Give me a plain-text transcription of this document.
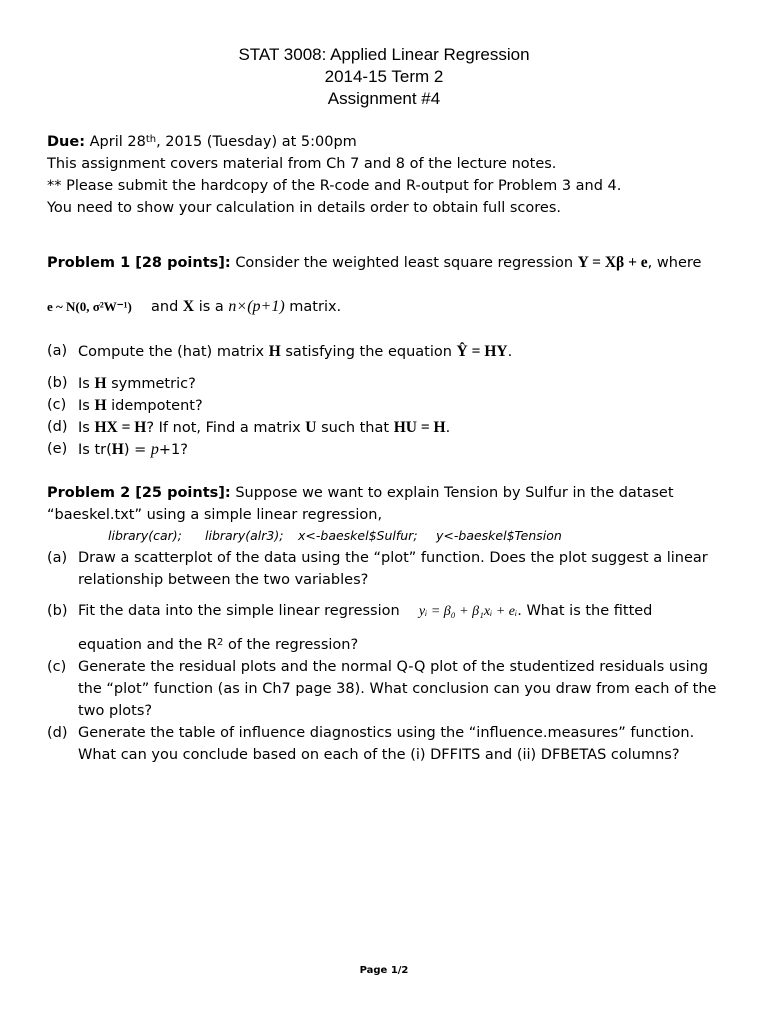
STAT 3008: Applied Linear Regression
2014-15 Term 2
Assignment #4
Due: April 28th, 2015 (Tuesday) at 5:00pm
This assignment covers material from Ch 7 and 8 of the lecture notes.
** Please submit the hardcopy of the R-code and R-output for Problem 3 and 4.
You need to show your calculation in details order to obtain full scores.
Problem 1 [28 points]: Consider the weighted least square regression Y = Xβ + e, where
e ~ N(0, σ²W⁻¹) and X is a n×(p+1) matrix.
(a) Compute the (hat) matrix H satisfying the equation Ŷ = HY.
(b) Is H symmetric?
(c) Is H idempotent?
(d) Is HX = H? If not, Find a matrix U such that HU = H.
(e) Is tr(H) = p+1?
Problem 2 [25 points]: Suppose we want to explain Tension by Sulfur in the dataset
“baeskel.txt” using a simple linear regression,
library(car); library(alr3); x<-baeskel$Sulfur; y<-baeskel$Tension
(a) Draw a scatterplot of the data using the “plot” function. Does the plot suggest a linear
relationship between the two variables?
(b) Fit the data into the simple linear regression yᵢ = β₀ + β₁xᵢ + eᵢ. What is the fitted
equation and the $R^2$ of the regression?
(c) Generate the residual plots and the normal Q-Q plot of the studentized residuals using
the “plot” function (as in Ch7 page 38). What conclusion can you draw from each of the
two plots?
(d) Generate the table of influence diagnostics using the “influence.measures” function.
What can you conclude based on each of the (i) DFFITS and (ii) DFBETAS columns?
Page 1/2
